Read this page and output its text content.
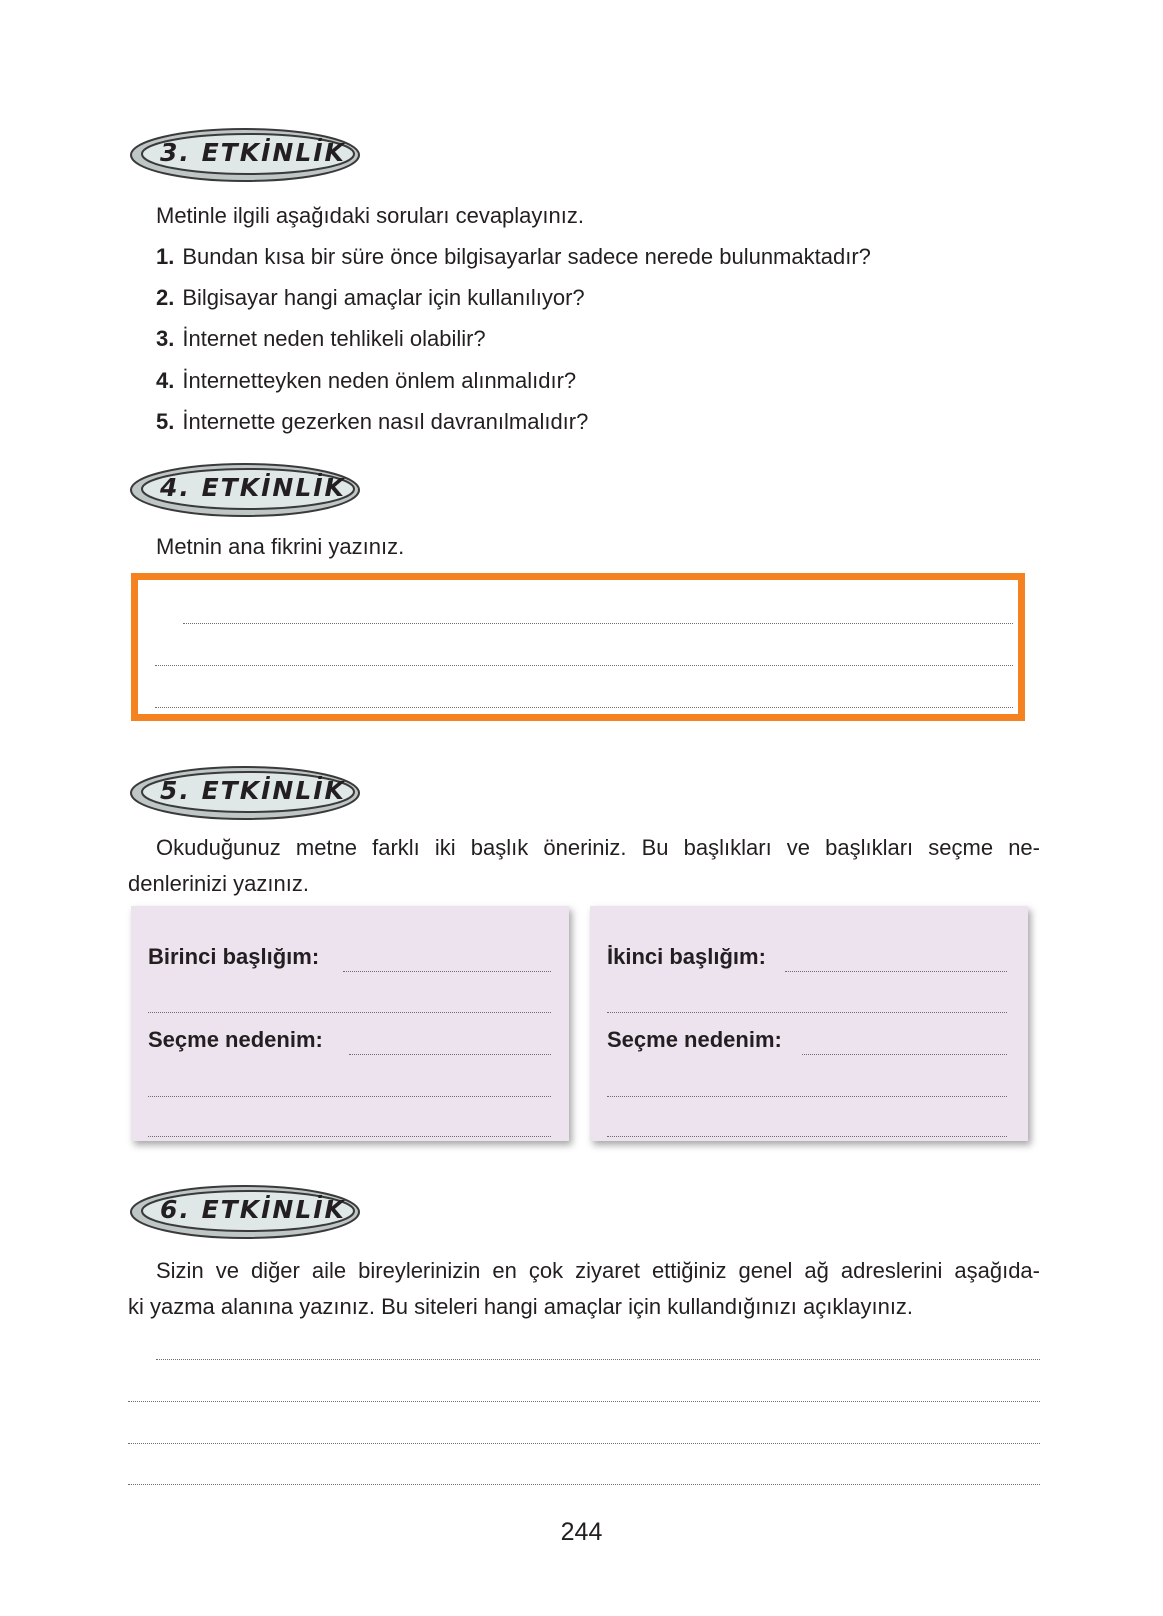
3. ETKİNLİK
Metinle ilgili aşağıdaki soruları cevaplayınız.
1. Bundan kısa bir süre önce bilgisayarlar sadece nerede bulunmaktadır?
2. Bilgisayar hangi amaçlar için kullanılıyor?
3. İnternet neden tehlikeli olabilir?
4. İnternetteyken neden önlem alınmalıdır?
5. İnternette gezerken nasıl davranılmalıdır?
4. ETKİNLİK
Metnin ana fikrini yazınız.
5. ETKİNLİK
Okuduğunuz metne farklı iki başlık öneriniz. Bu başlıkları ve başlıkları seçme ne-
denlerinizi yazınız.
Birinci başlığım:
Seçme nedenim:
İkinci başlığım:
Seçme nedenim:
6. ETKİNLİK
Sizin ve diğer aile bireylerinizin en çok ziyaret ettiğiniz genel ağ adreslerini aşağıda-
ki yazma alanına yazınız. Bu siteleri hangi amaçlar için kullandığınızı açıklayınız.
244
